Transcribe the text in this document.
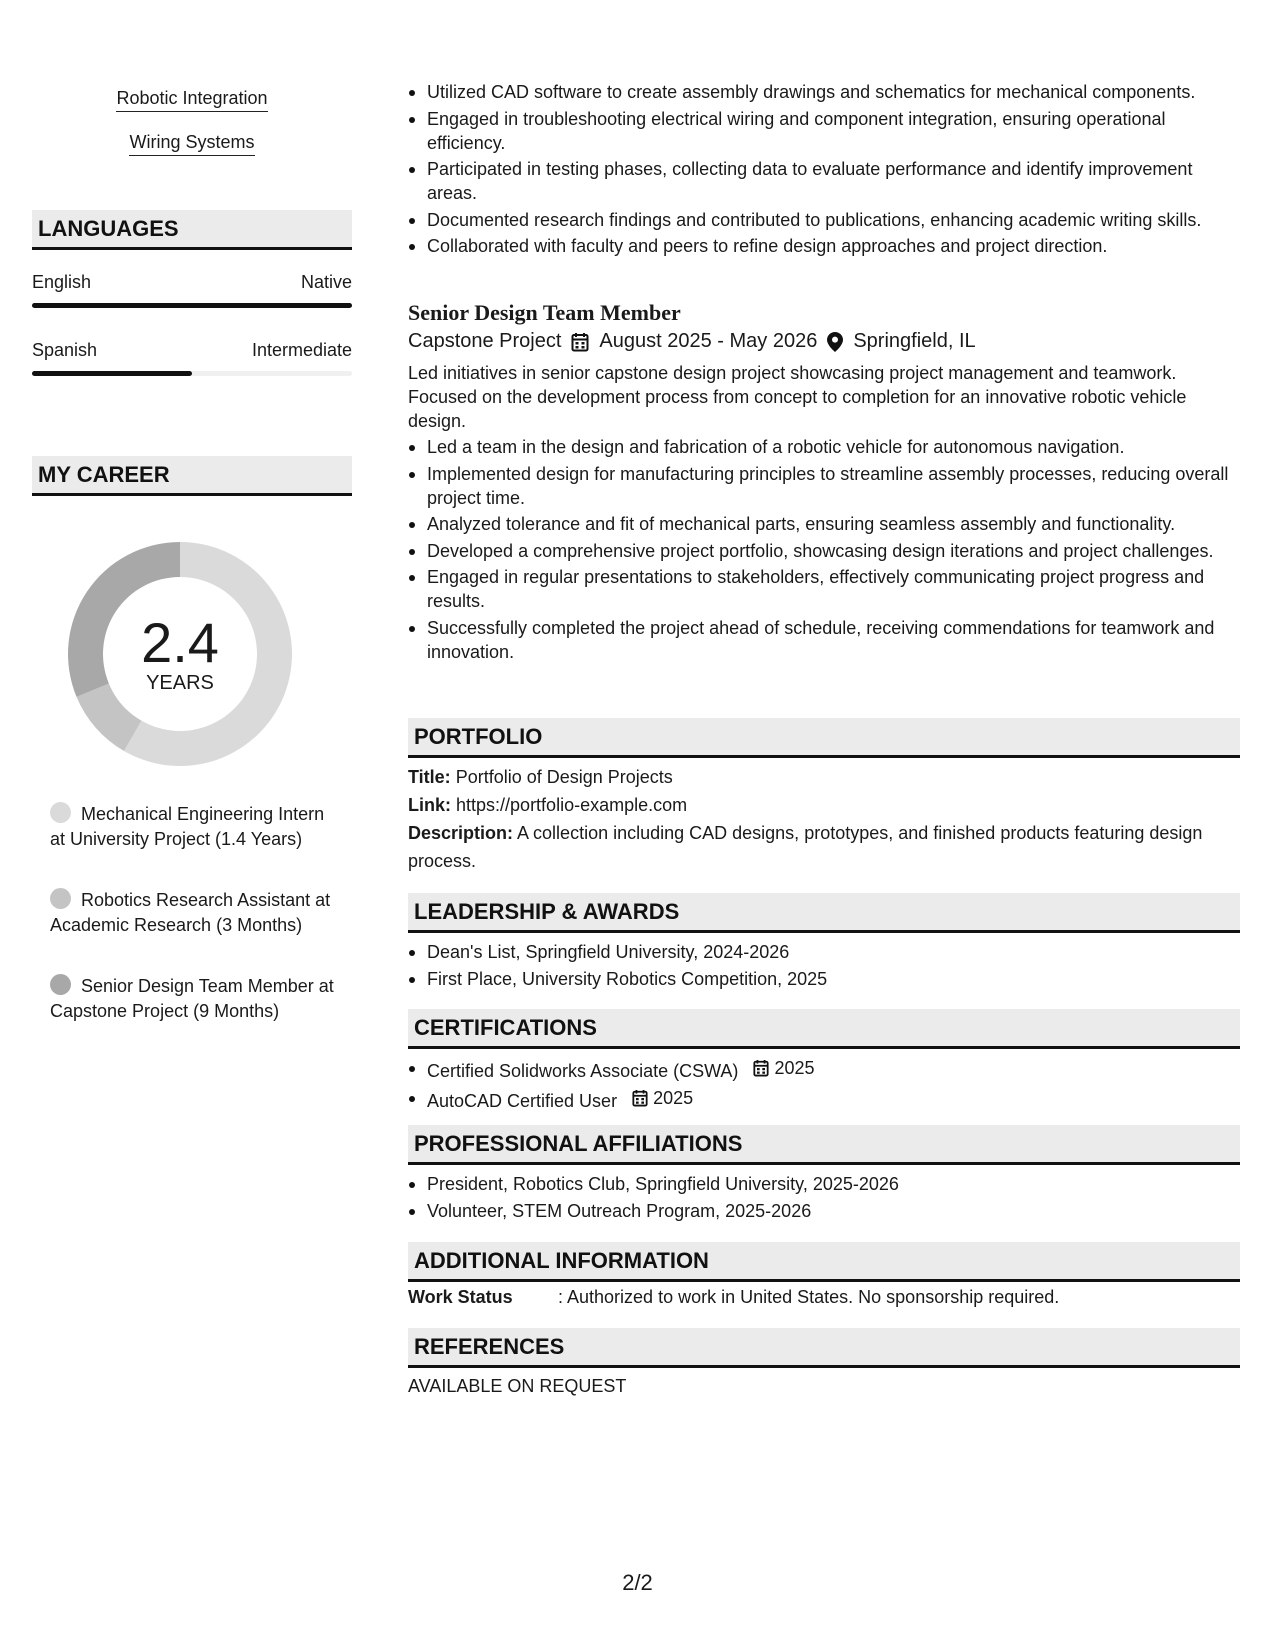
Robotic Integration
Wiring Systems
LANGUAGES
English	Native
Spanish	Intermediate
MY CAREER
2.4
YEARS
Mechanical Engineering Intern at University Project (1.4 Years)
Robotics Research Assistant at Academic Research (3 Months)
Senior Design Team Member at Capstone Project (9 Months)
Utilized CAD software to create assembly drawings and schematics for mechanical components.
Engaged in troubleshooting electrical wiring and component integration, ensuring operational efficiency.
Participated in testing phases, collecting data to evaluate performance and identify improvement areas.
Documented research findings and contributed to publications, enhancing academic writing skills.
Collaborated with faculty and peers to refine design approaches and project direction.
Senior Design Team Member
Capstone Project August 2025 - May 2026 Springfield, IL
Led initiatives in senior capstone design project showcasing project management and teamwork. Focused on the development process from concept to completion for an innovative robotic vehicle design.
Led a team in the design and fabrication of a robotic vehicle for autonomous navigation.
Implemented design for manufacturing principles to streamline assembly processes, reducing overall project time.
Analyzed tolerance and fit of mechanical parts, ensuring seamless assembly and functionality.
Developed a comprehensive project portfolio, showcasing design iterations and project challenges.
Engaged in regular presentations to stakeholders, effectively communicating project progress and results.
Successfully completed the project ahead of schedule, receiving commendations for teamwork and innovation.
PORTFOLIO
Title: Portfolio of Design Projects
Link: https://portfolio-example.com
Description: A collection including CAD designs, prototypes, and finished products featuring design process.
LEADERSHIP & AWARDS
Dean's List, Springfield University, 2024-2026
First Place, University Robotics Competition, 2025
CERTIFICATIONS
Certified Solidworks Associate (CSWA) 2025
AutoCAD Certified User 2025
PROFESSIONAL AFFILIATIONS
President, Robotics Club, Springfield University, 2025-2026
Volunteer, STEM Outreach Program, 2025-2026
ADDITIONAL INFORMATION
Work Status	: Authorized to work in United States. No sponsorship required.
REFERENCES
AVAILABLE ON REQUEST
2/2
